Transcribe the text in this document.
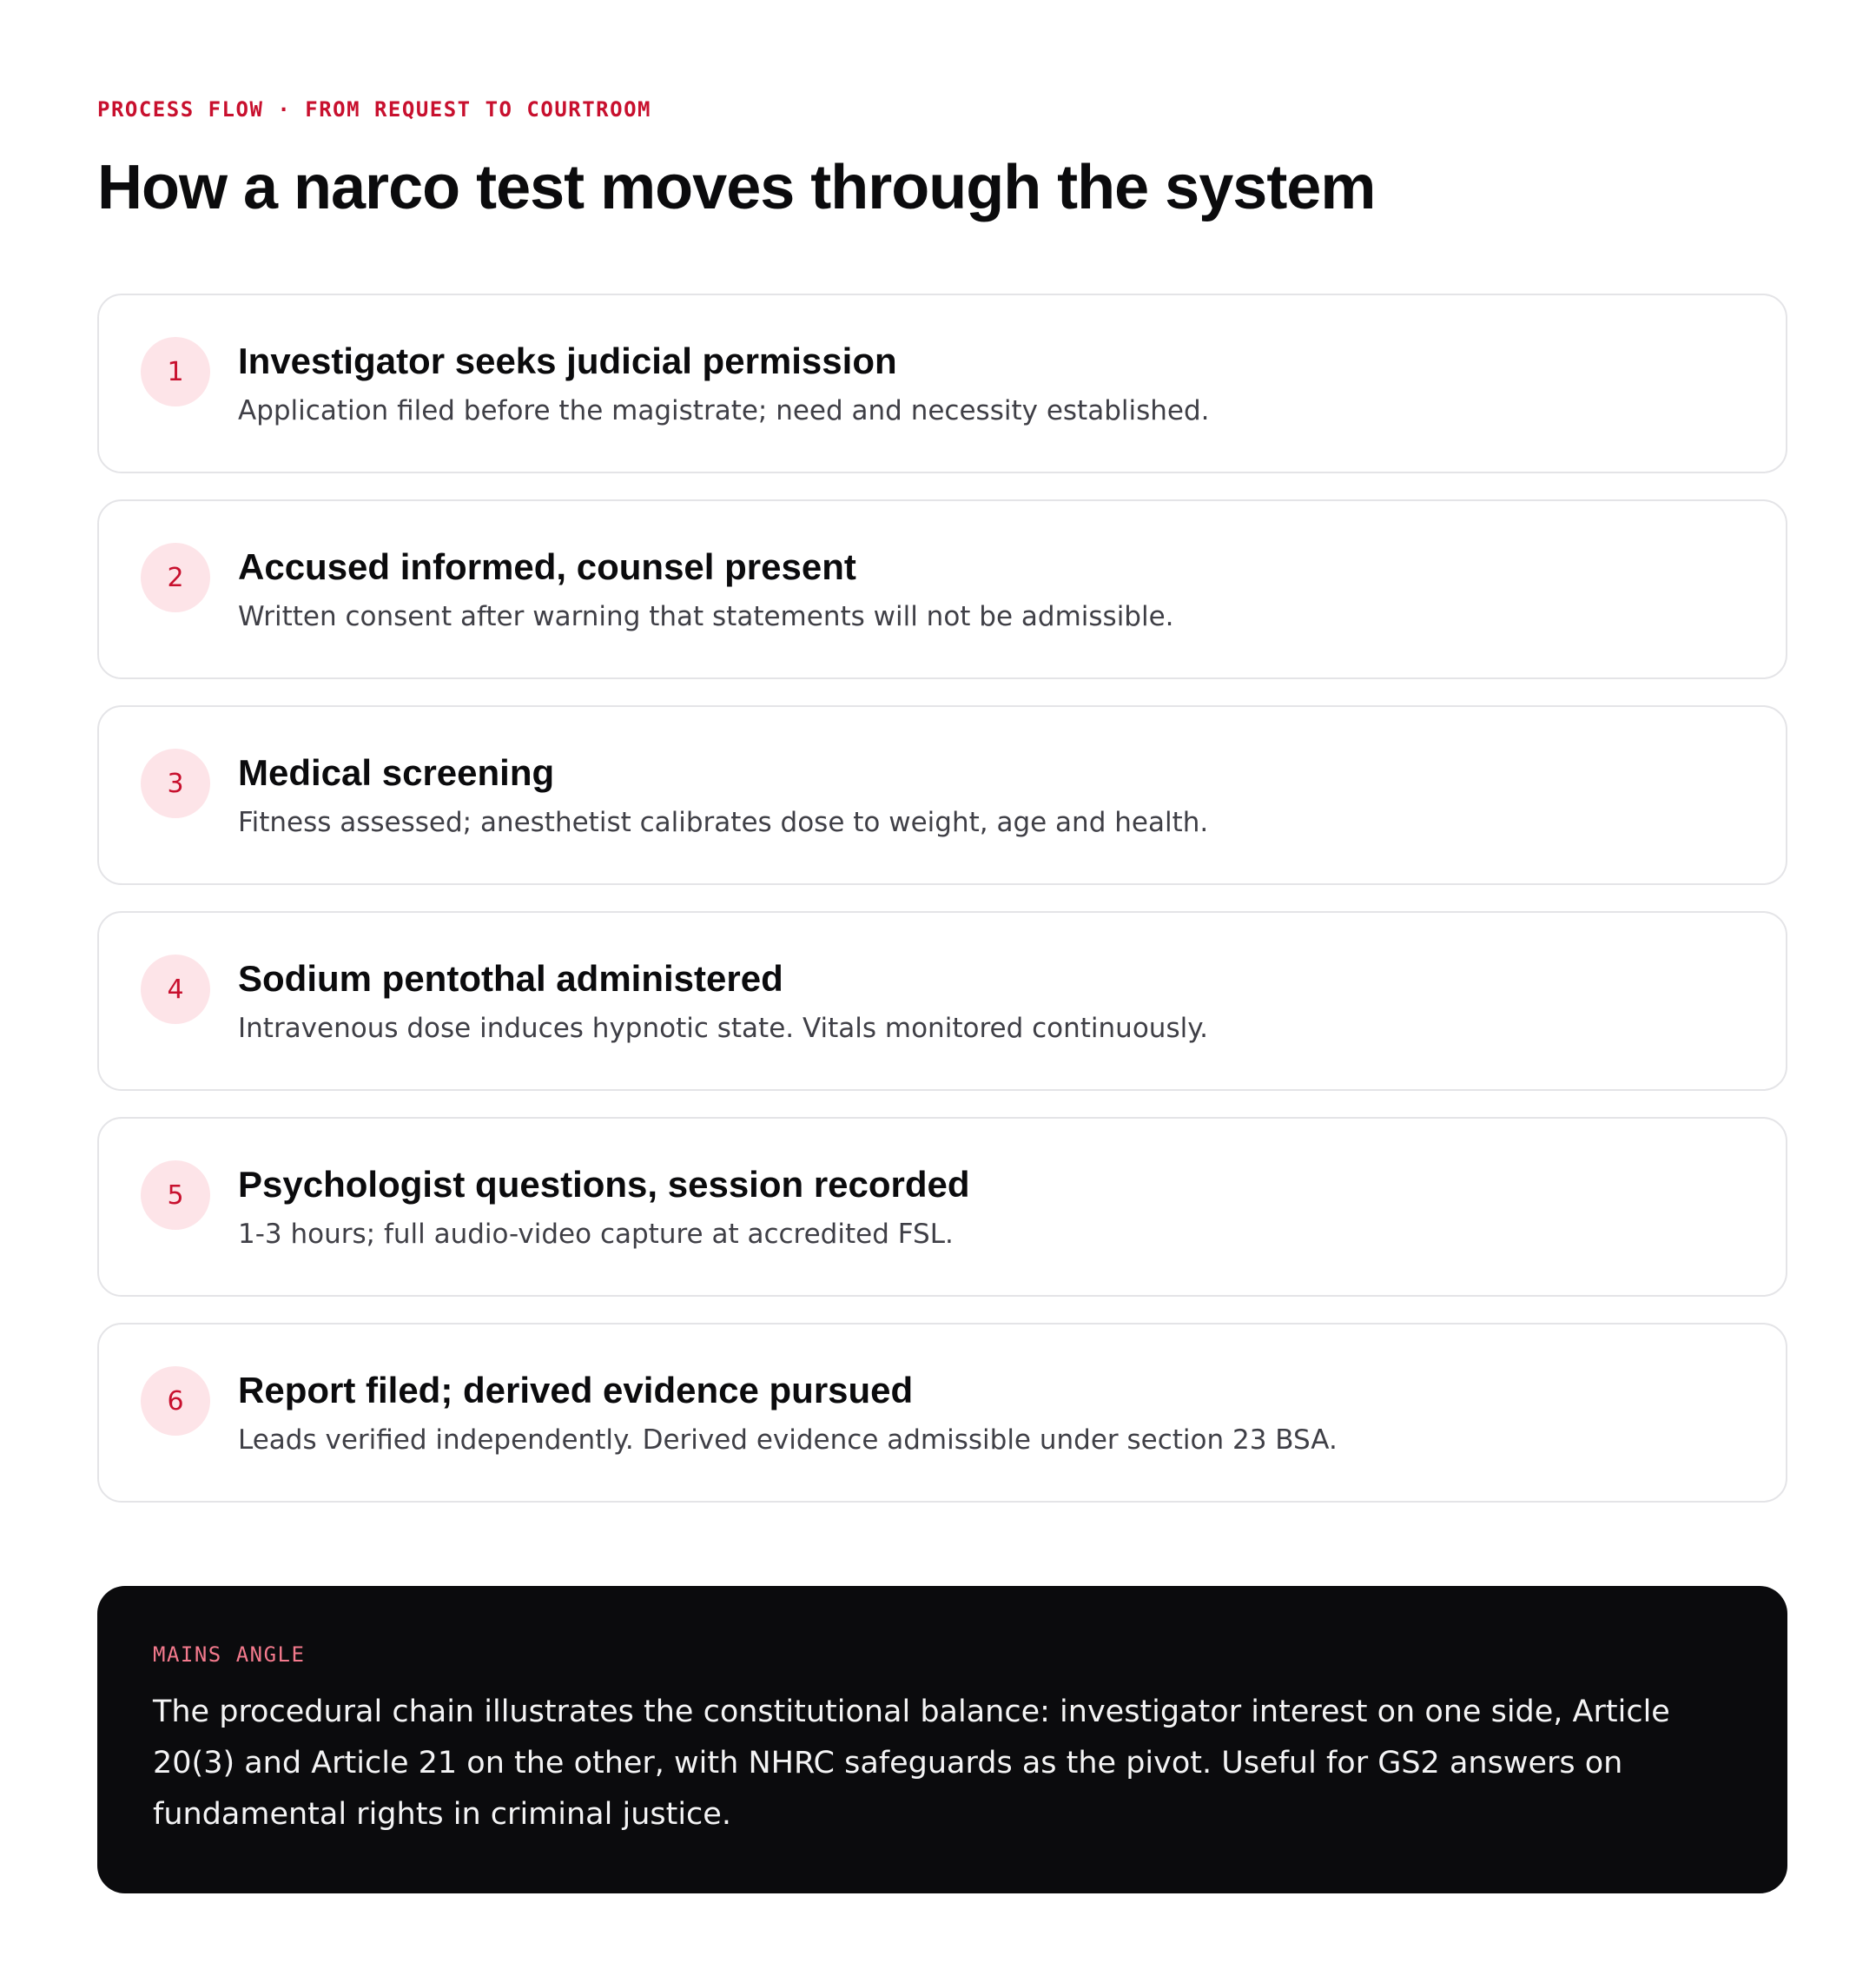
PROCESS FLOW · FROM REQUEST TO COURTROOM
How a narco test moves through the system
1	Investigator seeks judicial permission
Application filed before the magistrate; need and necessity established.
2	Accused informed, counsel present
Written consent after warning that statements will not be admissible.
3	Medical screening
Fitness assessed; anesthetist calibrates dose to weight, age and health.
4	Sodium pentothal administered
Intravenous dose induces hypnotic state. Vitals monitored continuously.
5	Psychologist questions, session recorded
1-3 hours; full audio-video capture at accredited FSL.
6	Report filed; derived evidence pursued
Leads verified independently. Derived evidence admissible under section 23 BSA.
MAINS ANGLE

The procedural chain illustrates the constitutional balance: investigator interest on one side, Article 20(3) and Article 21 on the other, with NHRC safeguards as the pivot. Useful for GS2 answers on fundamental rights in criminal justice.
